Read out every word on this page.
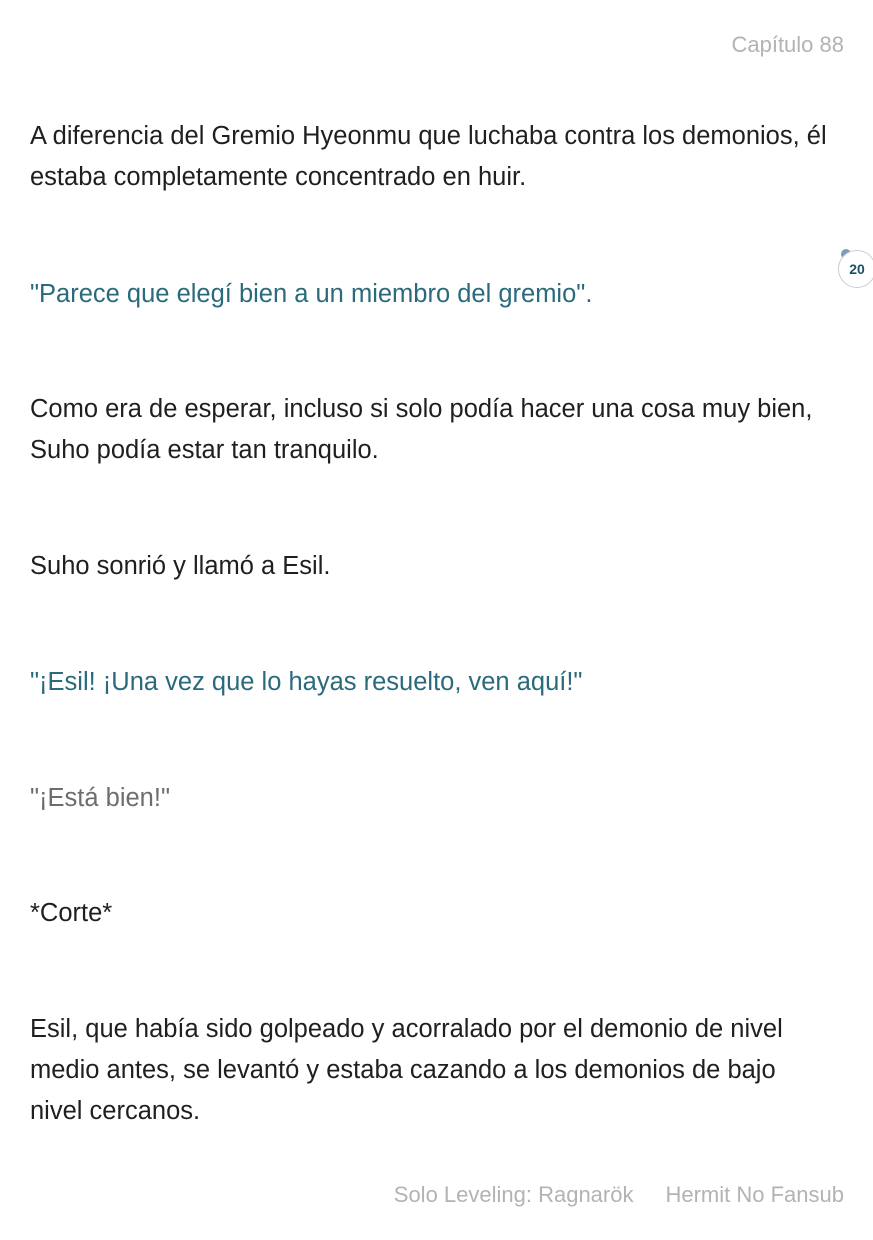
Capítulo 88
20

A diferencia del Gremio Hyeonmu que luchaba contra los demonios, él estaba completamente concentrado en huir.

"Parece que elegí bien a un miembro del gremio".

Como era de esperar, incluso si solo podía hacer una cosa muy bien, Suho podía estar tan tranquilo.

Suho sonrió y llamó a Esil.

"¡Esil! ¡Una vez que lo hayas resuelto, ven aquí!"

"¡Está bien!"

*Corte*

Esil, que había sido golpeado y acorralado por el demonio de nivel medio antes, se levantó y estaba cazando a los demonios de bajo nivel cercanos.

Solo Leveling: Ragnarök Hermit No Fansub
